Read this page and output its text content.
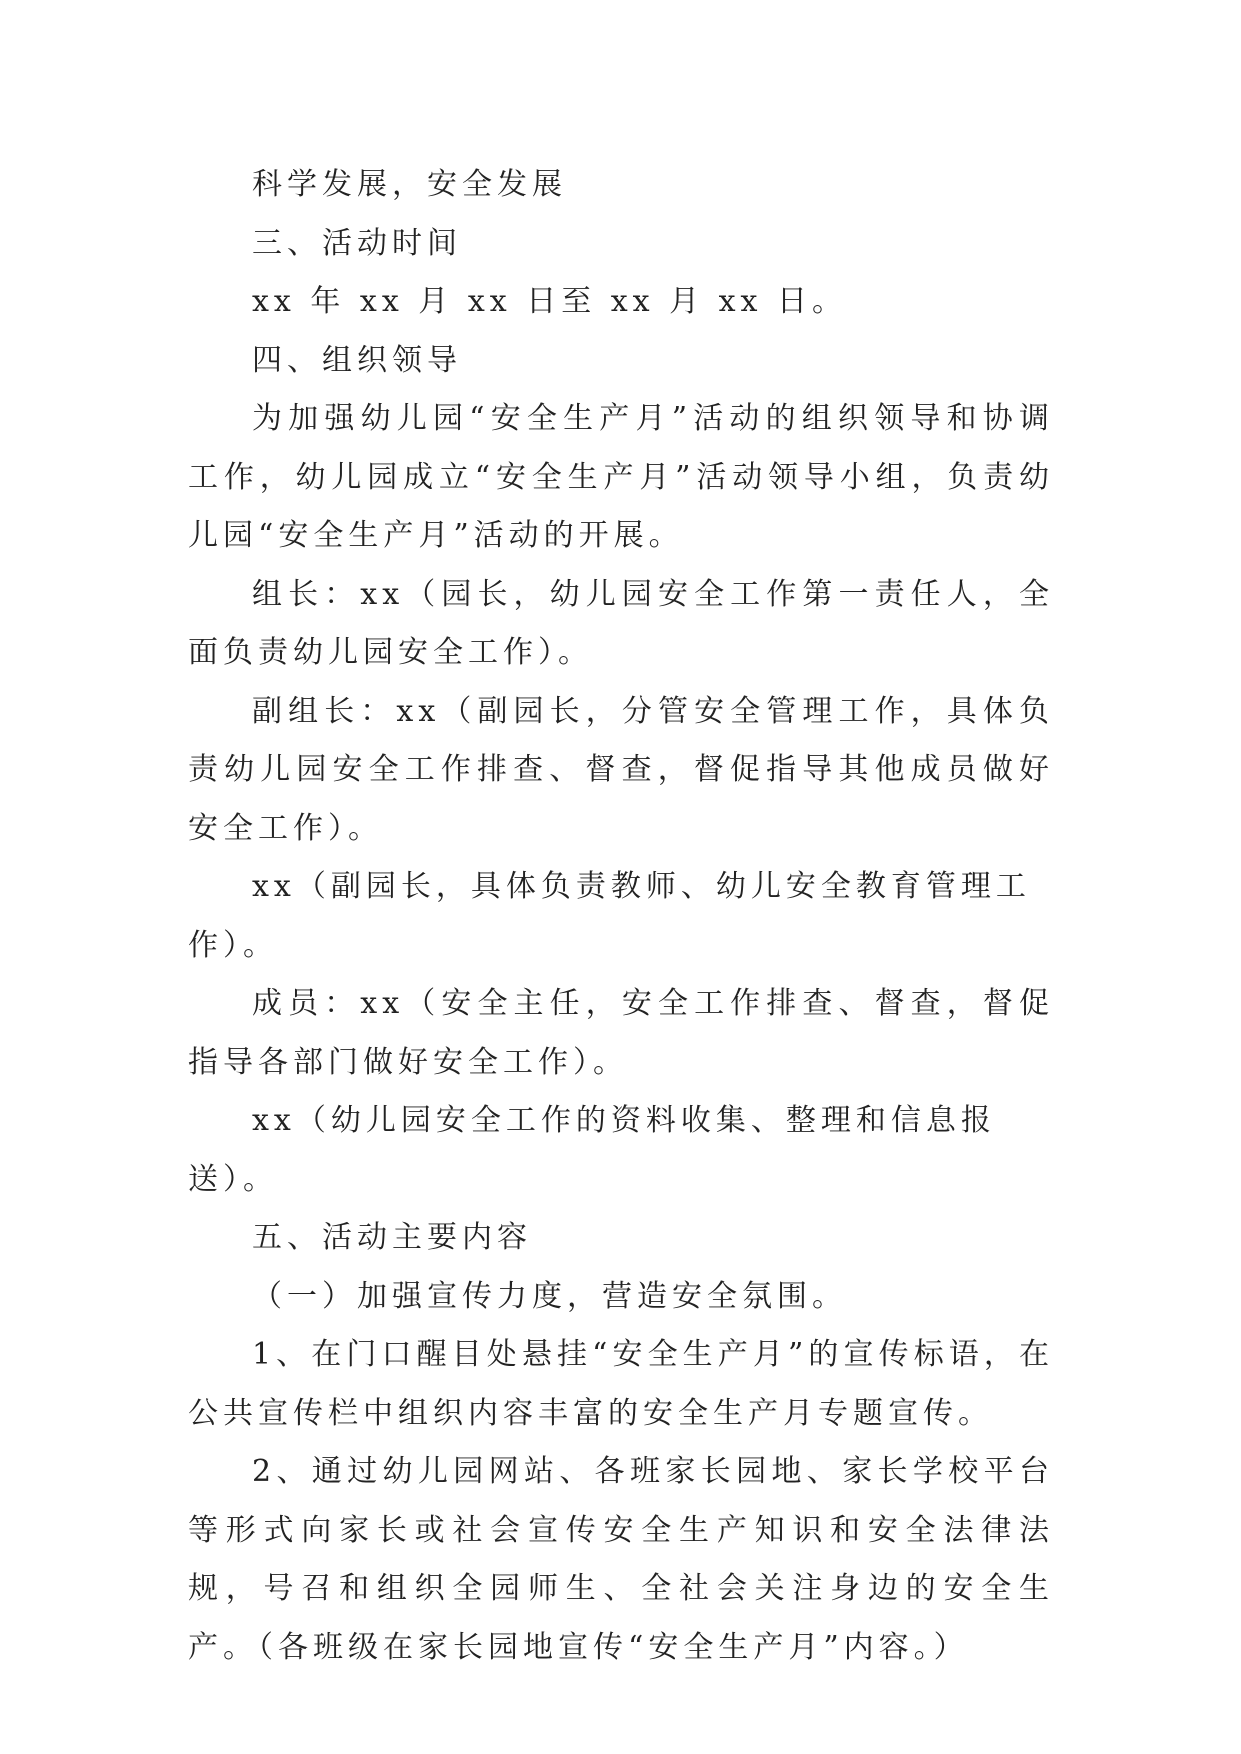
科学发展，安全发展

三、活动时间

xx 年 xx 月 xx 日至 xx 月 xx 日。

四、组织领导

为加强幼儿园“安全生产月”活动的组织领导和协调工作，幼儿园成立“安全生产月”活动领导小组，负责幼儿园“安全生产月”活动的开展。

组长：xx（园长，幼儿园安全工作第一责任人，全面负责幼儿园安全工作）。

副组长：xx（副园长，分管安全管理工作，具体负责幼儿园安全工作排查、督查，督促指导其他成员做好安全工作）。

xx（副园长，具体负责教师、幼儿安全教育管理工作）。

成员：xx（安全主任，安全工作排查、督查，督促指导各部门做好安全工作）。

xx（幼儿园安全工作的资料收集、整理和信息报送）。

五、活动主要内容

（一）加强宣传力度，营造安全氛围。

1、在门口醒目处悬挂“安全生产月”的宣传标语，在公共宣传栏中组织内容丰富的安全生产月专题宣传。

2、通过幼儿园网站、各班家长园地、家长学校平台等形式向家长或社会宣传安全生产知识和安全法律法规，号召和组织全园师生、全社会关注身边的安全生产。（各班级在家长园地宣传“安全生产月”内容。）
